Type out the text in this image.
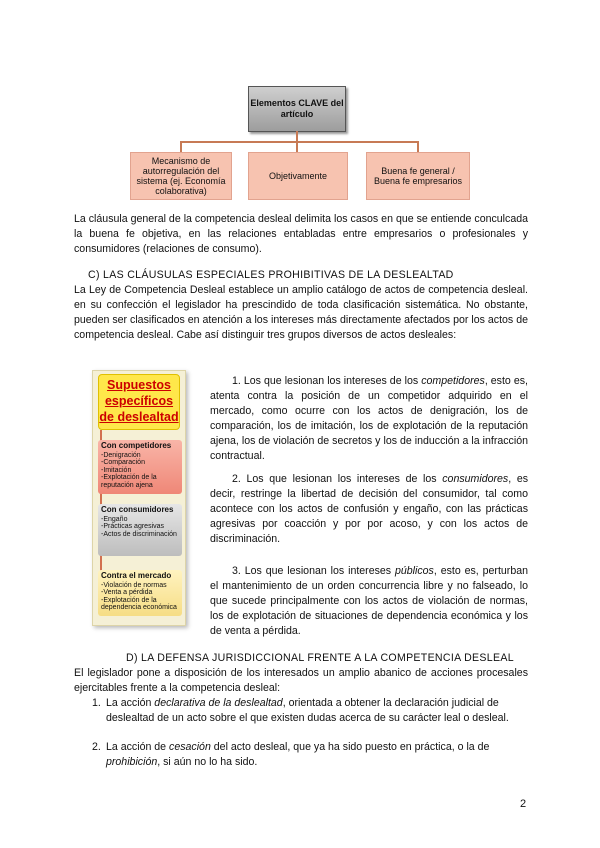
Elementos CLAVE del artículo
Mecanismo de autorregulación del sistema (ej. Economía colaborativa)
Objetivamente	Buena fe general / Buena fe empresarios

La cláusula general de la competencia desleal delimita los casos en que se entiende conculcada la buena fe objetiva, en las relaciones entabladas entre empresarios o profesionales y consumidores (relaciones de consumo).

C) LAS CLÁUSULAS ESPECIALES PROHIBITIVAS DE LA DESLEALTAD

La Ley de Competencia Desleal establece un amplio catálogo de actos de competencia desleal. en su confección el legislador ha prescindido de toda clasificación sistemática. No obstante, pueden ser clasificados en atención a los intereses más directamente afectados por los actos de competencia desleal. Cabe así distinguir tres grupos diversos de actos desleales:

Supuestos específicos de deslealtad
Con competidores
-Denigración
-Comparación
-Imitación
-Explotación de la reputación ajena
Con consumidores
-Engaño
-Prácticas agresivas
-Actos de discriminación
Contra el mercado
-Violación de normas
-Venta a pérdida
-Explotación de la dependencia económica

1. Los que lesionan los intereses de los competidores, esto es, atenta contra la posición de un competidor adquirido en el mercado, como ocurre con los actos de denigración, los de comparación, los de imitación, los de explotación de la reputación ajena, los de violación de secretos y los de inducción a la infracción contractual.

2. Los que lesionan los intereses de los consumidores, es decir, restringe la libertad de decisión del consumidor, tal como acontece con los actos de confusión y engaño, con las prácticas agresivas por coacción y por por acoso, y con los actos de discriminación.

3. Los que lesionan los intereses públicos, esto es, perturban el mantenimiento de un orden concurrencia libre y no falseado, lo que sucede principalmente con los actos de violación de normas, los de explotación de situaciones de dependencia económica y los de venta a pérdida.

D) LA DEFENSA JURISDICCIONAL FRENTE A LA COMPETENCIA DESLEAL

El legislador pone a disposición de los interesados un amplio abanico de acciones procesales ejercitables frente a la competencia desleal:

1. La acción declarativa de la deslealtad, orientada a obtener la declaración judicial de deslealtad de un acto sobre el que existen dudas acerca de su carácter leal o desleal.
2. La acción de cesación del acto desleal, que ya ha sido puesto en práctica, o la de prohibición, si aún no lo ha sido.
2
